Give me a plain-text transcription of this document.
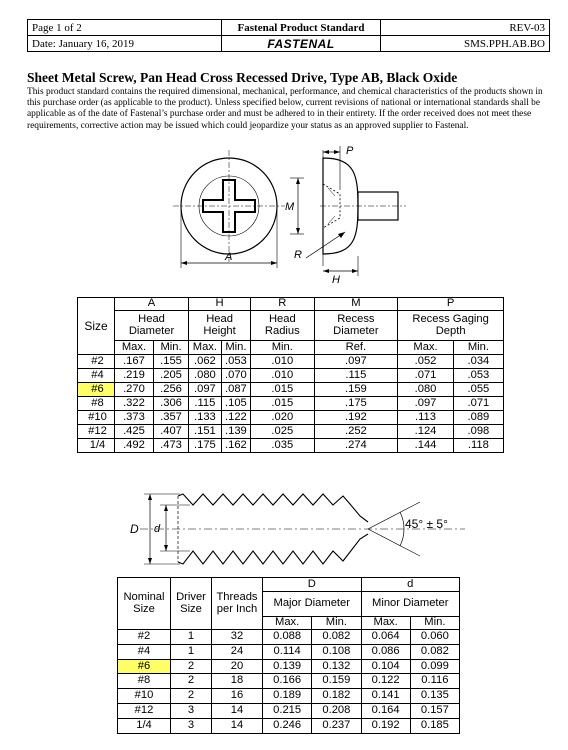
Page 1 of 2	Fastenal Product Standard	REV-03
Date: January 16, 2019	FASTENAL	SMS.PPH.AB.BO
Sheet Metal Screw, Pan Head Cross Recessed Drive, Type AB, Black Oxide
This product standard contains the required dimensional, mechanical, performance, and chemical characteristics of the products shown in this purchase order (as applicable to the product). Unless specified below, current revisions of national or international standards shall be applicable as of the date of Fastenal’s purchase order and must be adhered to in their entirety. If the order received does not meet these requirements, corrective action may be issued which could jeopardize your status as an approved supplier to Fastenal.
P
M
A	R
H
Size	A		H		R	M	P	
	Head Diameter		Head Height		Head Radius	Recess Diameter	Recess Gaging Depth	
	Max.	Min.	Max.	Min.	Min.	Ref.	Max.	Min.
#2	.167	.155	.062	.053	.010	.097	.052	.034
#4	.219	.205	.080	.070	.010	.115	.071	.053
#6	.270	.256	.097	.087	.015	.159	.080	.055
#8	.322	.306	.115	.105	.015	.175	.097	.071
#10	.373	.357	.133	.122	.020	.192	.113	.089
#12	.425	.407	.151	.139	.025	.252	.124	.098
1/4	.492	.473	.175	.162	.035	.274	.144	.118
D d	45° ± 5°
Nominal Size	Driver Size	Threads per Inch	D		d	
			Major Diameter		Minor Diameter	
			Max.	Min.	Max.	Min.
#2	1	32	0.088	0.082	0.064	0.060
#4	1	24	0.114	0.108	0.086	0.082
#6	2	20	0.139	0.132	0.104	0.099
#8	2	18	0.166	0.159	0.122	0.116
#10	2	16	0.189	0.182	0.141	0.135
#12	3	14	0.215	0.208	0.164	0.157
1/4	3	14	0.246	0.237	0.192	0.185
